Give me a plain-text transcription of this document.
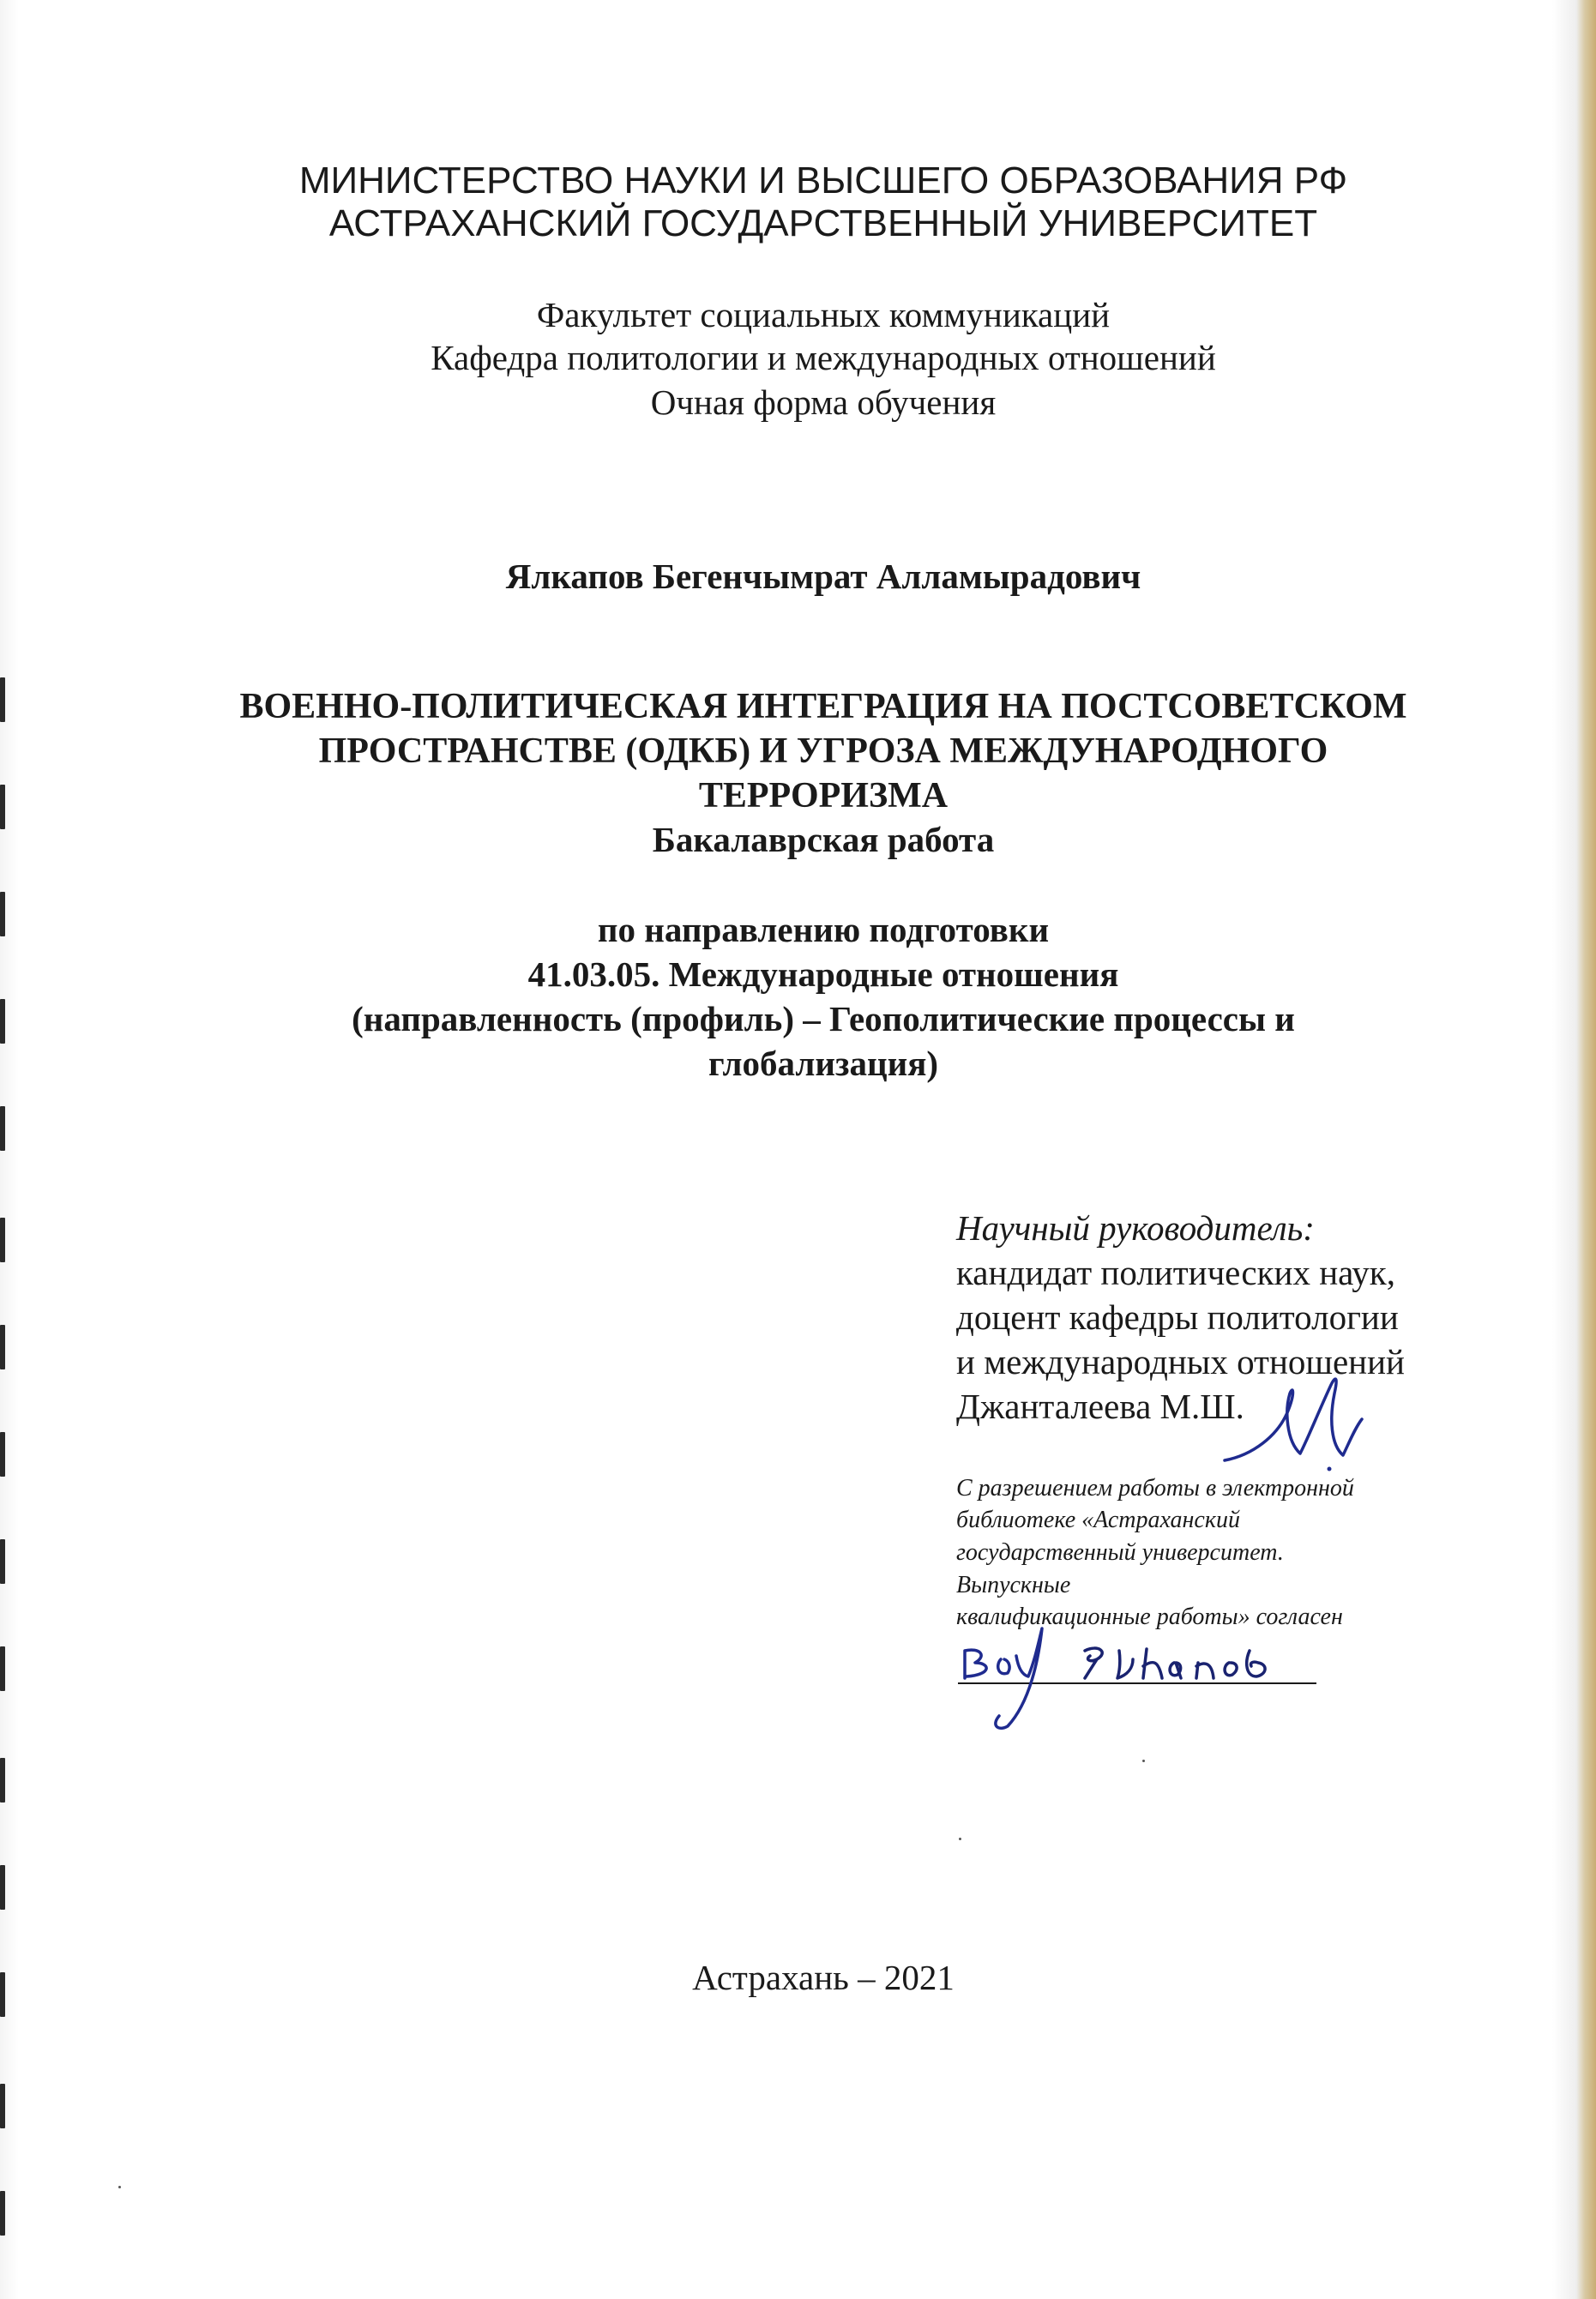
МИНИСТЕРСТВО НАУКИ И ВЫСШЕГО ОБРАЗОВАНИЯ РФ
АСТРАХАНСКИЙ ГОСУДАРСТВЕННЫЙ УНИВЕРСИТЕТ
Факультет социальных коммуникаций
Кафедра политологии и международных отношений
Очная форма обучения
Ялкапов Бегенчымрат Алламырадович
ВОЕННО-ПОЛИТИЧЕСКАЯ ИНТЕГРАЦИЯ НА ПОСТСОВЕТСКОМ
ПРОСТРАНСТВЕ (ОДКБ) И УГРОЗА МЕЖДУНАРОДНОГО
ТЕРРОРИЗМА
Бакалаврская работа
по направлению подготовки
41.03.05. Международные отношения
(направленность (профиль) – Геополитические процессы и
глобализация)
Научный руководитель:
кандидат политических наук,
доцент кафедры политологии
и международных отношений
Джанталеева М.Ш.
С разрешением работы в электронной
библиотеке «Астраханский
государственный университет.
Выпускные
квалификационные работы» согласен
Астрахань – 2021
